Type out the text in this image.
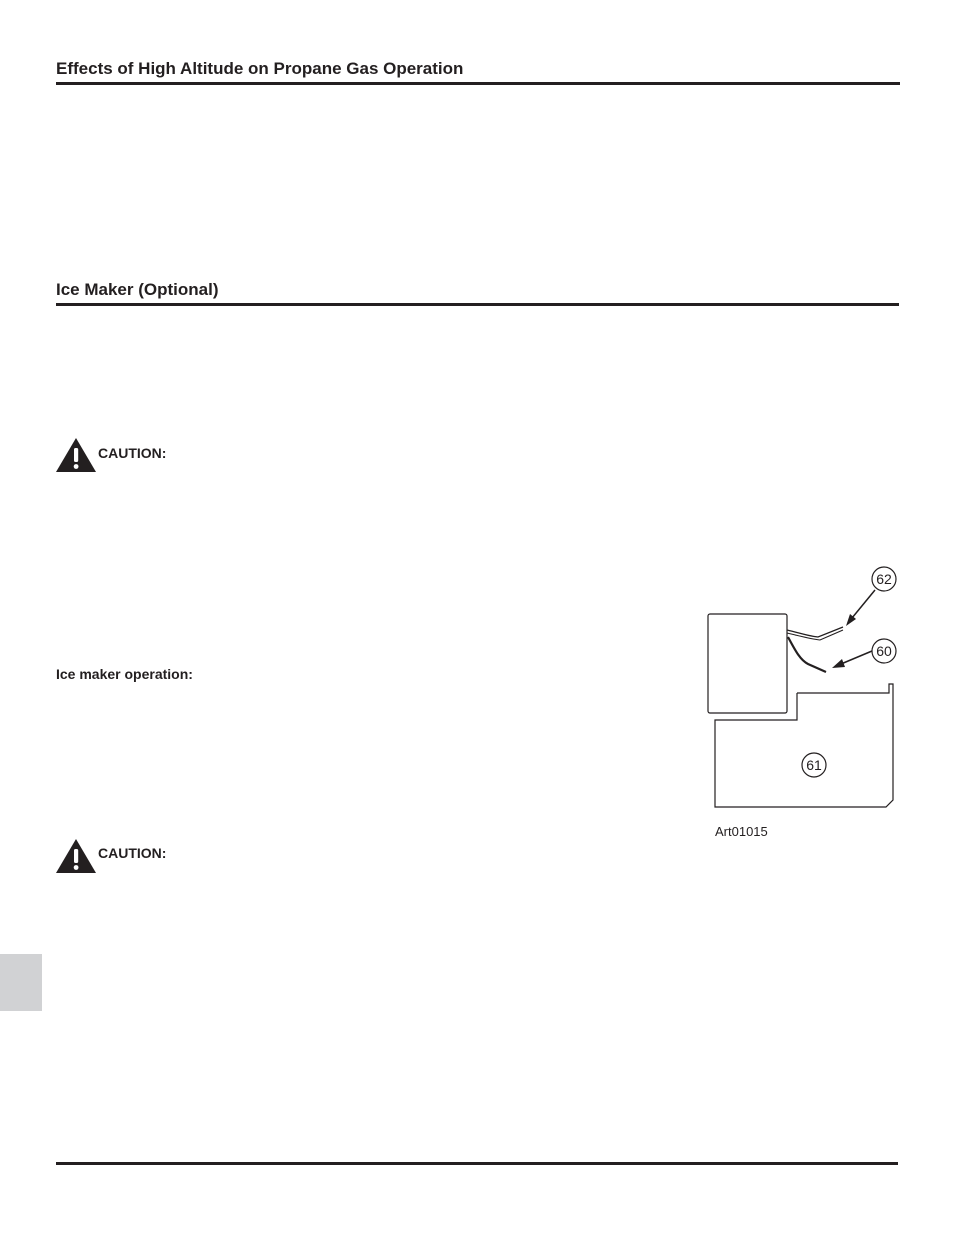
Effects of High Altitude on Propane Gas Operation
Ice Maker (Optional)
CAUTION:
Ice maker operation:
CAUTION:
62
60
61
Art01015
